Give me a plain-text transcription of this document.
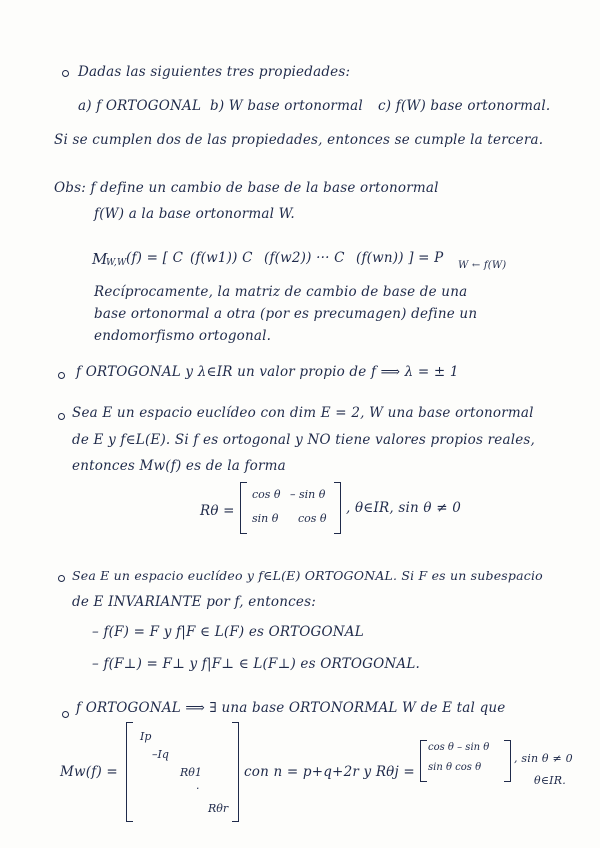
Dadas las siguientes tres propiedades:
a) f ORTOGONAL b) W base ortonormal c) f(W) base ortonormal.
Si se cumplen dos de las propiedades, entonces se cumple la tercera.
Obs: f define un cambio de base de la base ortonormal
f(W) a la base ortonormal W.
M
W,W (f) = [ C (f(w1)) C (f(w2)) ··· C (f(wn)) ] = P W ← f(W)
Recíprocamente, la matriz de cambio de base de una
base ortonormal a otra (por es precumagen) define un
endomorfismo ortogonal.
f ORTOGONAL y λ∈IR un valor propio de f ⟹ λ = ± 1
Sea E un espacio euclídeo con dim E = 2, W una base ortonormal
de E y f∈L(E). Si f es ortogonal y NO tiene valores propios reales,
entonces Mw(f) es de la forma
Rθ =
cos θ – sin θ
sin θ cos θ
, θ∈IR, sin θ ≠ 0
Sea E un espacio euclídeo y f∈L(E) ORTOGONAL. Si F es un subespacio
de E INVARIANTE por f, entonces:
– f(F) = F y f|F ∈ L(F) es ORTOGONAL
– f(F⊥) = F⊥ y f|F⊥ ∈ L(F⊥) es ORTOGONAL.
f ORTOGONAL ⟹ ∃ una base ORTONORMAL W de E tal que
Mw(f) =
Ip
–Iq
Rθ1
·
Rθr
con n = p+q+2r y Rθj =
cos θ – sin θ
sin θ cos θ
, sin θ ≠ 0
θ∈IR.
